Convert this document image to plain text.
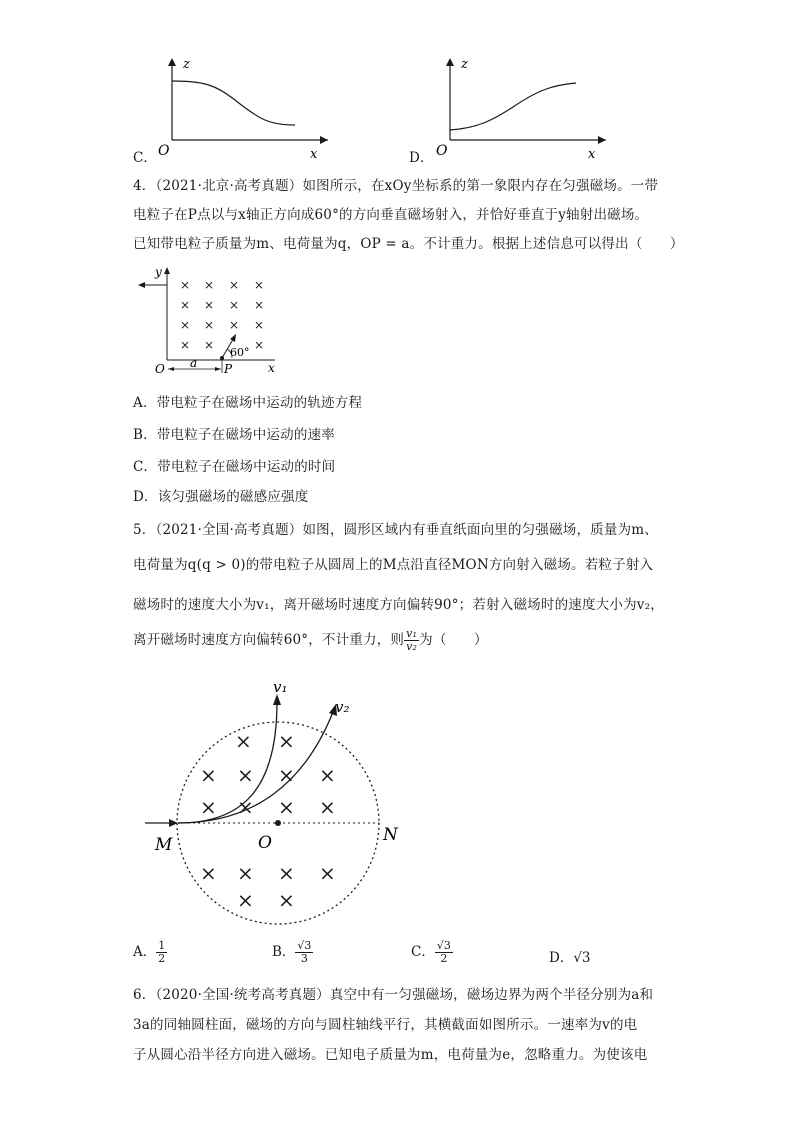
C．
z
x
O	D．
z
x
O
4．（2021·北京·高考真题）如图所示，在xOy坐标系的第一象限内存在匀强磁场。一带
电粒子在P点以与x轴正方向成60°的方向垂直磁场射入，并恰好垂直于y轴射出磁场。
已知带电粒子质量为m、电荷量为q，OP = a。不计重力。根据上述信息可以得出（　　）
y
x
O a P
60°
× × × ×
× × × ×
× × × ×
× ×	×
A．带电粒子在磁场中运动的轨迹方程
B．带电粒子在磁场中运动的速率
C．带电粒子在磁场中运动的时间
D．该匀强磁场的磁感应强度
5．（2021·全国·高考真题）如图，圆形区域内有垂直纸面向里的匀强磁场，质量为m、
电荷量为q(q > 0)的带电粒子从圆周上的M点沿直径MON方向射入磁场。若粒子射入
磁场时的速度大小为v₁，离开磁场时速度方向偏转90°；若射入磁场时的速度大小为v₂，
离开磁场时速度方向偏转60°，不计重力，则 $\frac{\text{v₁}}{\text{v₂}}$ 为（　　）
v₁
v₂
M	O	N
× ×
× × × ×
× × × ×
× × × ×
× ×
A． $\frac{1}{2}$	B． $\frac{√3}{3}$	C． $\frac{√3}{2}$	D．√3
6．（2020·全国·统考高考真题）真空中有一匀强磁场，磁场边界为两个半径分别为a和
3a的同轴圆柱面，磁场的方向与圆柱轴线平行，其横截面如图所示。一速率为v的电
子从圆心沿半径方向进入磁场。已知电子质量为m，电荷量为e，忽略重力。为使该电
